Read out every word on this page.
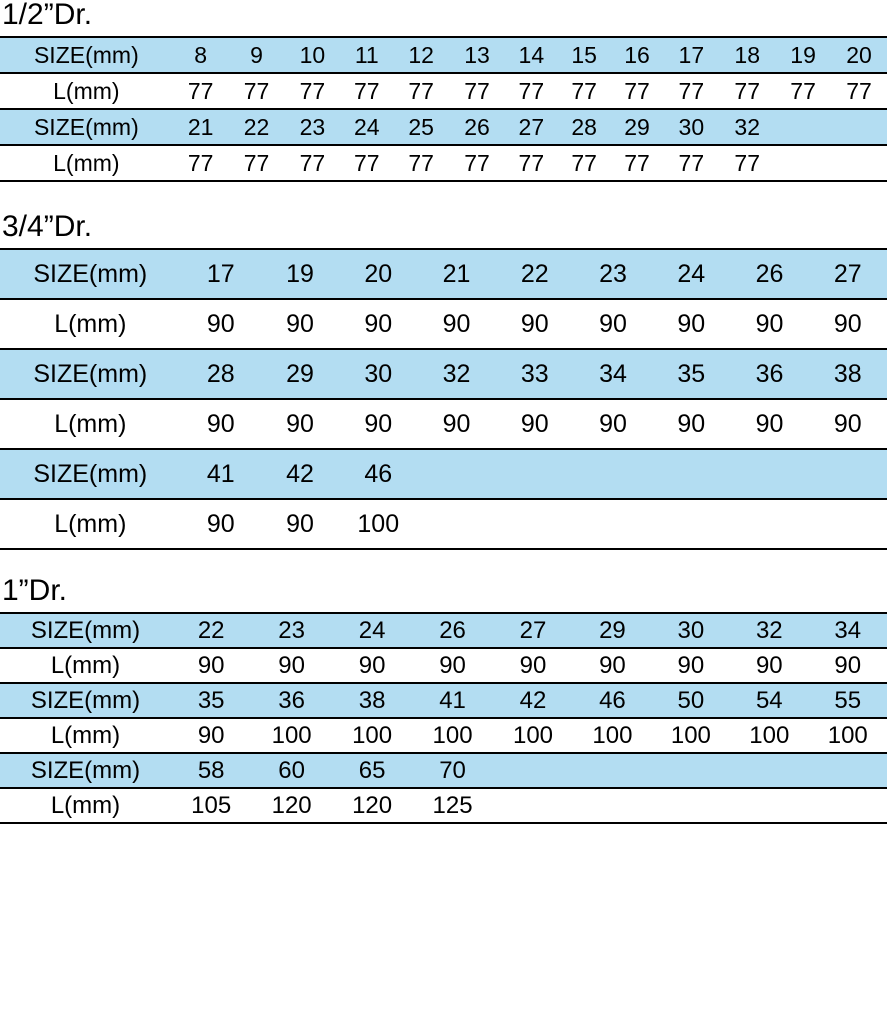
1/2”Dr.
SIZE(mm)	8	9	10	11	12	13	14	15	16	17	18	19	20
L(mm)	77	77	77	77	77	77	77	77	77	77	77	77	77
SIZE(mm)	21	22	23	24	25	26	27	28	29	30	32		
L(mm)	77	77	77	77	77	77	77	77	77	77	77		
3/4”Dr.
SIZE(mm)	17	19	20	21	22	23	24	26	27
L(mm)	90	90	90	90	90	90	90	90	90
SIZE(mm)	28	29	30	32	33	34	35	36	38
L(mm)	90	90	90	90	90	90	90	90	90
SIZE(mm)	41	42	46						
L(mm)	90	90	100						
1”Dr.
SIZE(mm)	22	23	24	26	27	29	30	32	34
L(mm)	90	90	90	90	90	90	90	90	90
SIZE(mm)	35	36	38	41	42	46	50	54	55
L(mm)	90	100	100	100	100	100	100	100	100
SIZE(mm)	58	60	65	70					
L(mm)	105	120	120	125					
